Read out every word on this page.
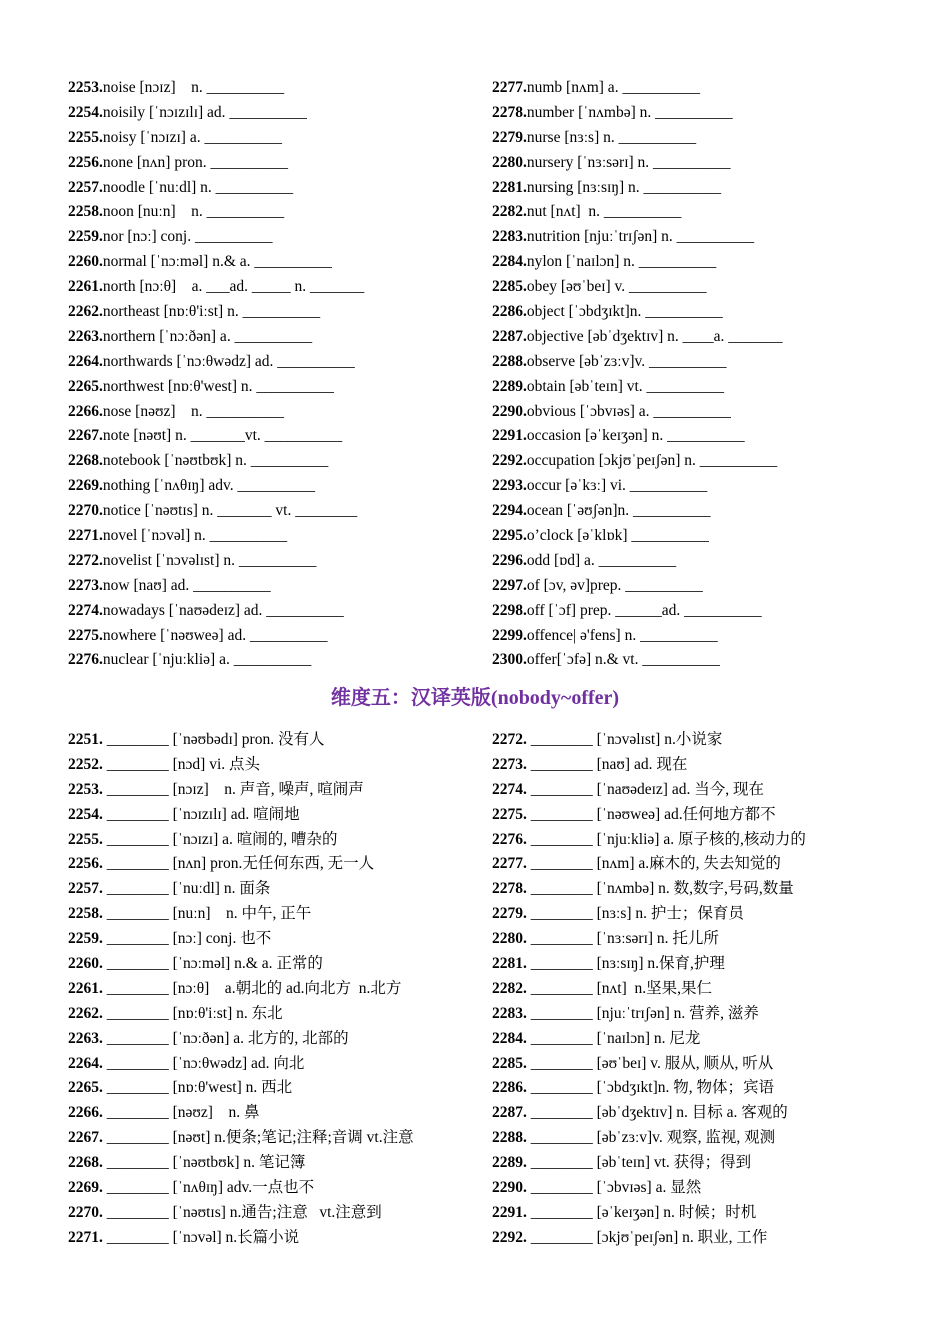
2253.noise [nɔɪz]    n. __________
2254.noisily [ˈnɔɪzɪlɪ] ad. __________
2255.noisy [ˈnɔɪzɪ] a. __________
2256.none [nʌn] pron. __________
2257.noodle [ˈnuːdl] n. __________
2258.noon [nuːn]    n. __________
2259.nor [nɔː] conj. __________
2260.normal [ˈnɔːməl] n.& a. __________
2261.north [nɔːθ]    a. ___ad. _____ n. _______
2262.northeast [nɒːθ'iːst] n. __________
2263.northern [ˈnɔːðən] a. __________
2264.northwards [ˈnɔːθwədz] ad. __________
2265.northwest [nɒːθ'west] n. __________
2266.nose [nəʊz]    n. __________
2267.note [nəʊt] n. _______vt. __________
2268.notebook [ˈnəʊtbʊk] n. __________
2269.nothing [ˈnʌθɪŋ] adv. __________
2270.notice [ˈnəʊtɪs] n. _______ vt. ________
2271.novel [ˈnɔvəl] n. __________
2272.novelist [ˈnɔvəlɪst] n. __________
2273.now [naʊ] ad. __________
2274.nowadays [ˈnaʊədeɪz] ad. __________
2275.nowhere [ˈnəʊweə] ad. __________
2276.nuclear [ˈnjuːkliə] a. __________
2277.numb [nʌm] a. __________
2278.number [ˈnʌmbə] n. __________
2279.nurse [nɜːs] n. __________
2280.nursery [ˈnɜːsərɪ] n. __________
2281.nursing [nɜːsɪŋ] n. __________
2282.nut [nʌt]  n. __________
2283.nutrition [njuːˈtrɪʃən] n. __________
2284.nylon [ˈnaɪlɔn] n. __________
2285.obey [əʊˈbeɪ] v. __________
2286.object [ˈɔbdʒɪkt]n. __________
2287.objective [əbˈdʒektɪv] n. ____a. _______
2288.observe [əbˈzɜːv]v. __________
2289.obtain [əbˈteɪn] vt. __________
2290.obvious [ˈɔbvɪəs] a. __________
2291.occasion [əˈkeɪʒən] n. __________
2292.occupation [ɔkjʊˈpeɪʃən] n. __________
2293.occur [əˈkɜː] vi. __________
2294.ocean [ˈəʊʃən]n. __________
2295.o’clock [əˈklɒk] __________
2296.odd [ɒd] a. __________
2297.of [ɔv, əv]prep. __________
2298.off [ˈɔf] prep. ______ad. __________
2299.offence| ə'fens] n. __________
2300.offer[ˈɔfə] n.& vt. __________
维度五：汉译英版(nobody~offer)
2251. ________ [ˈnəʊbədɪ] pron. 没有人
2252. ________ [nɔd] vi. 点头
2253. ________ [nɔɪz]    n. 声音, 噪声, 喧闹声
2254. ________ [ˈnɔɪzɪlɪ] ad. 喧闹地
2255. ________ [ˈnɔɪzɪ] a. 喧闹的, 嘈杂的
2256. ________ [nʌn] pron.无任何东西, 无一人
2257. ________ [ˈnuːdl] n. 面条
2258. ________ [nuːn]    n. 中午, 正午
2259. ________ [nɔː] conj. 也不
2260. ________ [ˈnɔːməl] n.& a. 正常的
2261. ________ [nɔːθ]    a.朝北的 ad.向北方  n.北方
2262. ________ [nɒːθ'iːst] n. 东北
2263. ________ [ˈnɔːðən] a. 北方的, 北部的
2264. ________ [ˈnɔːθwədz] ad. 向北
2265. ________ [nɒːθ'west] n. 西北
2266. ________ [nəʊz]    n. 鼻
2267. ________ [nəʊt] n.便条;笔记;注释;音调 vt.注意
2268. ________ [ˈnəʊtbʊk] n. 笔记簿
2269. ________ [ˈnʌθɪŋ] adv.一点也不
2270. ________ [ˈnəʊtɪs] n.通告;注意   vt.注意到
2271. ________ [ˈnɔvəl] n.长篇小说
2272. ________ [ˈnɔvəlɪst] n.小说家
2273. ________ [naʊ] ad. 现在
2274. ________ [ˈnaʊədeɪz] ad. 当今, 现在
2275. ________ [ˈnəʊweə] ad.任何地方都不
2276. ________ [ˈnjuːkliə] a. 原子核的,核动力的
2277. ________ [nʌm] a.麻木的, 失去知觉的
2278. ________ [ˈnʌmbə] n. 数,数字,号码,数量
2279. ________ [nɜːs] n. 护士；保育员
2280. ________ [ˈnɜːsərɪ] n. 托儿所
2281. ________ [nɜːsɪŋ] n.保育,护理
2282. ________ [nʌt]  n.坚果,果仁
2283. ________ [njuːˈtrɪʃən] n. 营养, 滋养
2284. ________ [ˈnaɪlɔn] n. 尼龙
2285. ________ [əʊˈbeɪ] v. 服从, 顺从, 听从
2286. ________ [ˈɔbdʒɪkt]n. 物, 物体；宾语
2287. ________ [əbˈdʒektɪv] n. 目标 a. 客观的
2288. ________ [əbˈzɜːv]v. 观察, 监视, 观测
2289. ________ [əbˈteɪn] vt. 获得；得到
2290. ________ [ˈɔbvɪəs] a. 显然
2291. ________ [əˈkeɪʒən] n. 时候；时机
2292. ________ [ɔkjʊˈpeɪʃən] n. 职业, 工作
